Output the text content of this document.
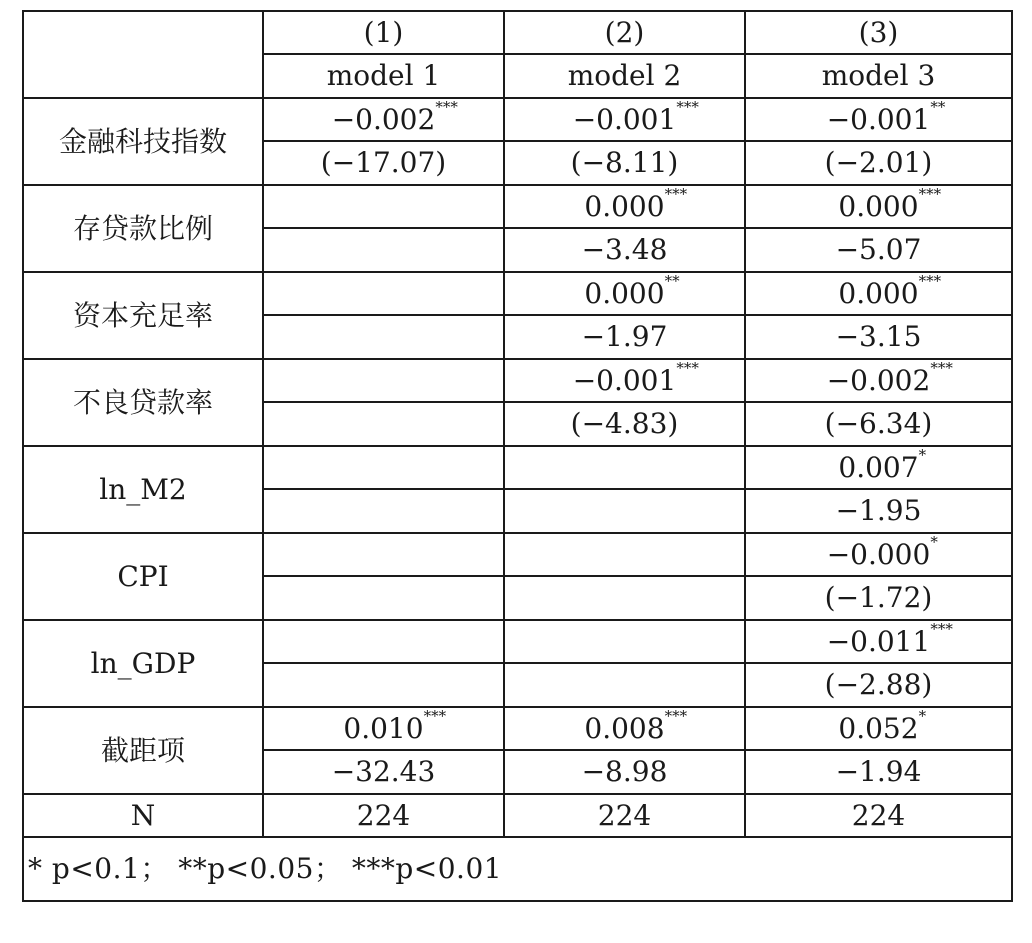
	(1)	(2)	(3)
	model 1	model 2	model 3
金融科技指数	−0.002 ***	−0.001 ***	−0.001 **

	(−17.07)	(−8.11)	(−2.01)
存贷款比例		0.000 ***	0.000 ***

		−3.48	−5.07
资本充足率		0.000 **	0.000 ***

		−1.97	−3.15
不良贷款率		−0.001 ***	−0.002 ***

		(−4.83)	(−6.34)
ln_M2			0.007 *

			−1.95
CPI			−0.000 *

			(−1.72)
ln_GDP			−0.011 ***

			(−2.88)
截距项	0.010 ***	0.008 ***	0.052 *

	−32.43	−8.98	−1.94
N	224	224	224
* p<0.1； **p<0.05； ***p<0.01			
